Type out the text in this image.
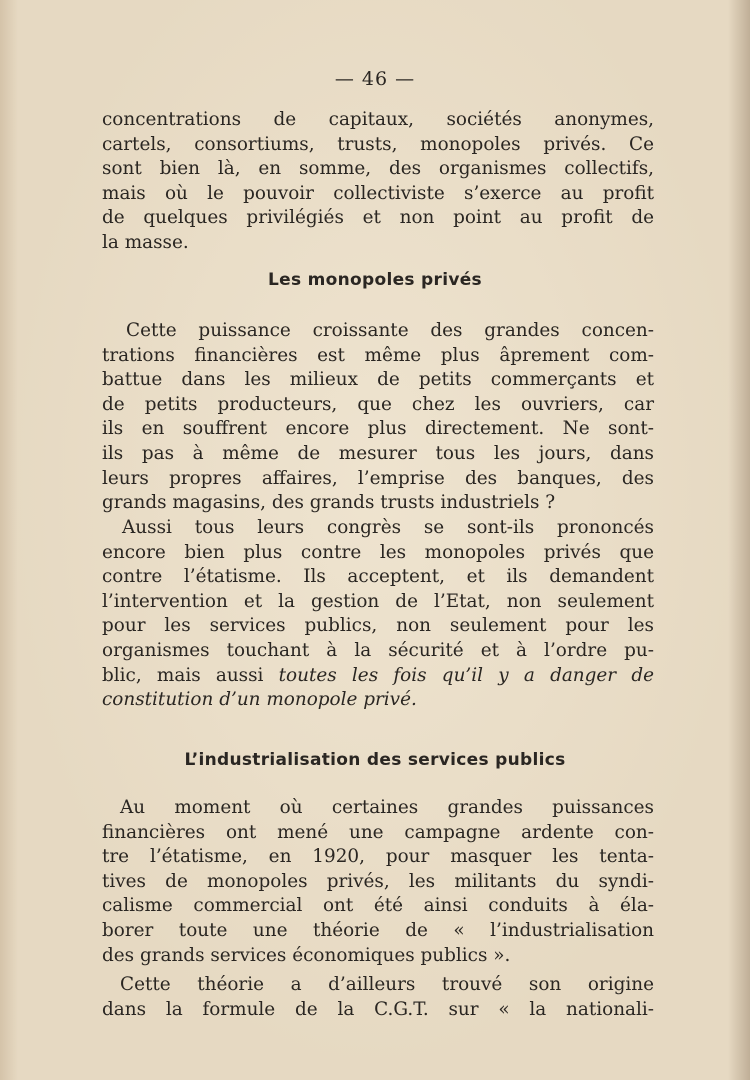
— 46 —
concentrations de capitaux, sociétés anonymes,
cartels, consortiums, trusts, monopoles privés. Ce
sont bien là, en somme, des organismes collectifs,
mais où le pouvoir collectiviste s’exerce au profit
de quelques privilégiés et non point au profit de
la masse.
Les monopoles privés
Cette puissance croissante des grandes concen-
trations financières est même plus âprement com-
battue dans les milieux de petits commerçants et
de petits producteurs, que chez les ouvriers, car
ils en souffrent encore plus directement. Ne sont-
ils pas à même de mesurer tous les jours, dans
leurs propres affaires, l’emprise des banques, des
grands magasins, des grands trusts industriels ?
Aussi tous leurs congrès se sont-ils prononcés
encore bien plus contre les monopoles privés que
contre l’étatisme. Ils acceptent, et ils demandent
l’intervention et la gestion de l’Etat, non seulement
pour les services publics, non seulement pour les
organismes touchant à la sécurité et à l’ordre pu-
blic, mais aussi toutes les fois qu’il y a danger de
constitution d’un monopole privé.
L’industrialisation des services publics
Au moment où certaines grandes puissances
financières ont mené une campagne ardente con-
tre l’étatisme, en 1920, pour masquer les tenta-
tives de monopoles privés, les militants du syndi-
calisme commercial ont été ainsi conduits à éla-
borer toute une théorie de « l’industrialisation
des grands services économiques publics ».
Cette théorie a d’ailleurs trouvé son origine
dans la formule de la C.G.T. sur « la nationali-
